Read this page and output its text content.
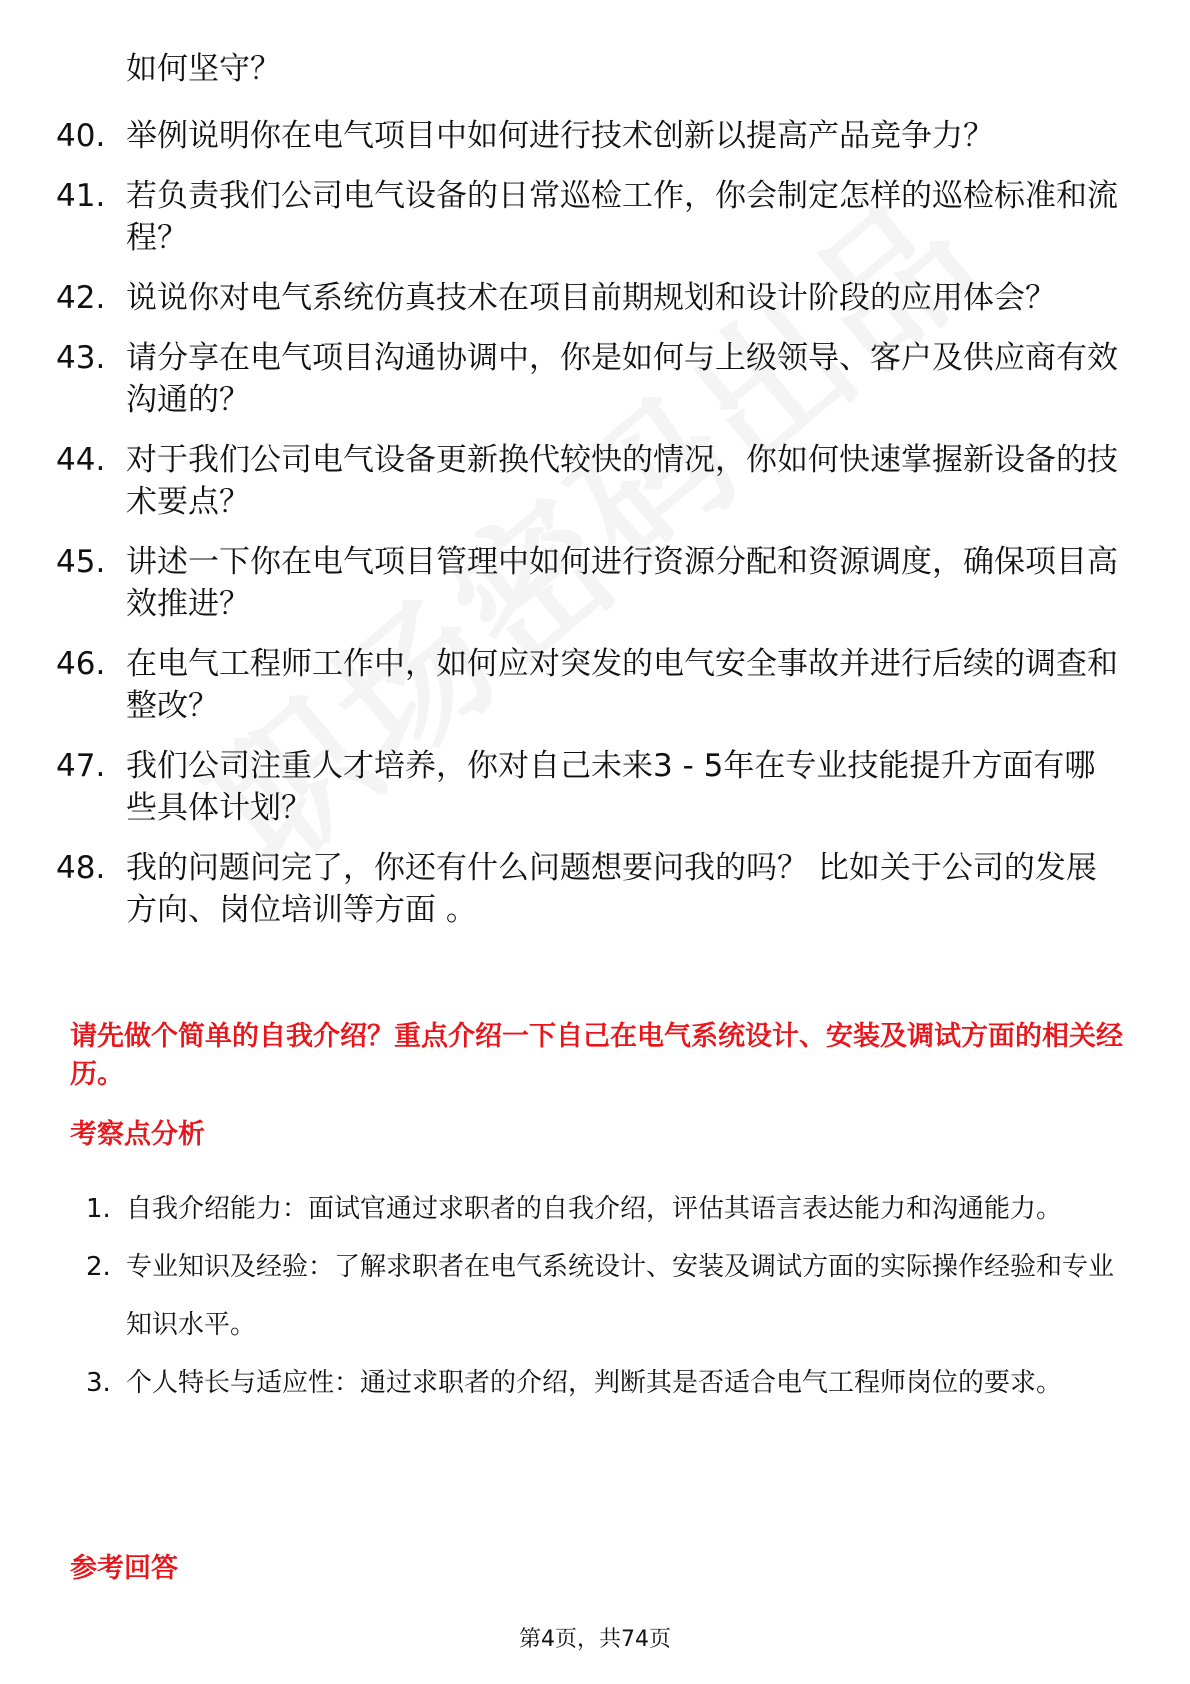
如何坚守？
40. 举例说明你在电气项目中如何进行技术创新以提高产品竞争力？
41. 若负责我们公司电气设备的日常巡检工作，你会制定怎样的巡检标准和流程？
42. 说说你对电气系统仿真技术在项目前期规划和设计阶段的应用体会？
43. 请分享在电气项目沟通协调中，你是如何与上级领导、客户及供应商有效沟通的？
44. 对于我们公司电气设备更新换代较快的情况，你如何快速掌握新设备的技术要点？
45. 讲述一下你在电气项目管理中如何进行资源分配和资源调度，确保项目高效推进？
46. 在电气工程师工作中，如何应对突发的电气安全事故并进行后续的调查和整改？
47. 我们公司注重人才培养，你对自己未来3 - 5年在专业技能提升方面有哪些具体计划？
48. 我的问题问完了，你还有什么问题想要问我的吗？ 比如关于公司的发展方向、岗位培训等方面 。
请先做个简单的自我介绍？重点介绍一下自己在电气系统设计、安装及调试方面的相关经历。
考察点分析
1. 自我介绍能力：面试官通过求职者的自我介绍，评估其语言表达能力和沟通能力。
2. 专业知识及经验：了解求职者在电气系统设计、安装及调试方面的实际操作经验和专业知识水平。
3. 个人特长与适应性：通过求职者的介绍，判断其是否适合电气工程师岗位的要求。
参考回答
第4页，共74页
